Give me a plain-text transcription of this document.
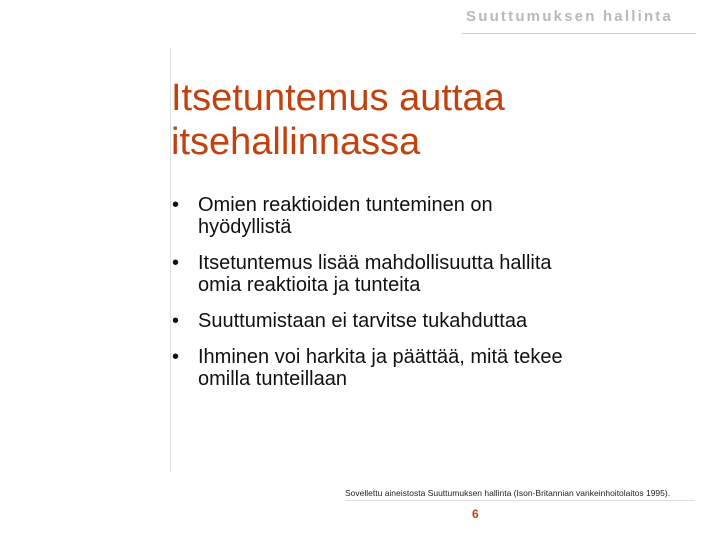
Suuttumuksen hallinta
Itsetuntemus auttaa
itsehallinnassa
• Omien reaktioiden tunteminen on
hyödyllistä
• Itsetuntemus lisää mahdollisuutta hallita
omia reaktioita ja tunteita
• Suuttumistaan ei tarvitse tukahduttaa
• Ihminen voi harkita ja päättää, mitä tekee
omilla tunteillaan
Sovellettu aineistosta Suuttumuksen hallinta (Ison-Britannian vankeinhoitolaitos 1995).
6
